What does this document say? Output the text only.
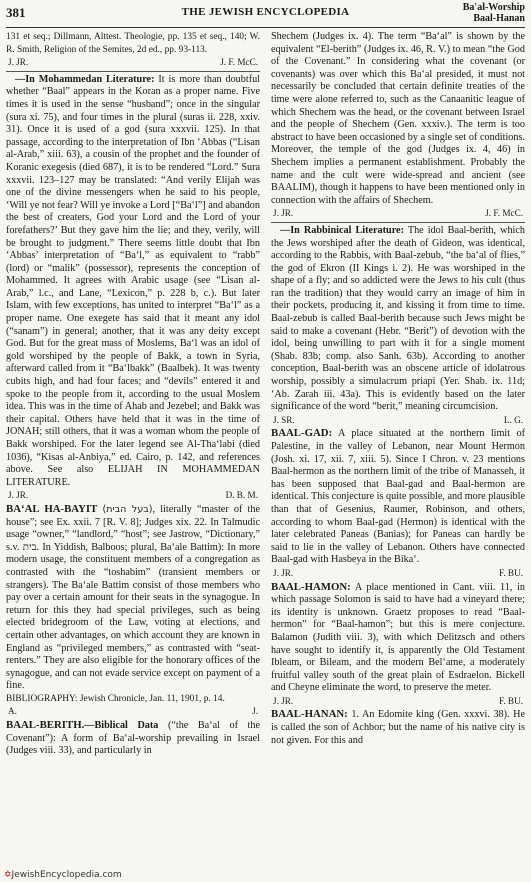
381	THE JEWISH ENCYCLOPEDIA	Ba'al-Worship
Baal-Hanan

131 et seq.; Dillmann, Alttest. Theologie, pp. 135 et seq., 140; W. R. Smith, Religion of the Semites, 2d ed., pp. 93-113.

J. JR.	J. F. McC.

—In Mohammedan Literature: It is more than doubtful whether “Baal” appears in the Koran as a proper name. Five times it is used in the sense “husband”; once in the singular (sura xi. 75), and four times in the plural (suras ii. 228, xxiv. 31). Once it is used of a god (sura xxxvii. 125). In that passage, according to the interpretation of Ibn ‘Abbas (“Lisan al-Arab,” xiii. 63), a cousin of the prophet and the founder of Koranic exegesis (died 687), it is to be rendered “Lord.” Sura xxxvii. 123–127 may be translated: “And verily Elijah was one of the divine messengers when he said to his people, ‘Will ye not fear? Will ye invoke a Lord [“Ba‘l”] and abandon the best of creaters, God your Lord and the Lord of your forefathers?’ But they gave him the lie; and they, verily, will be brought to judgment.” There seems little doubt that Ibn ‘Abbas’ interpretation of “Ba‘l,” as equivalent to “rabb” (lord) or “malik” (possessor), represents the conception of Mohammed. It agrees with Arabic usage (see “Lisan al-Arab,” l.c., and Lane, “Lexicon,” p. 228 b, c.). But later Islam, with few exceptions, has united to interpret “Ba‘l” as a proper name. One exegete has said that it meant any idol (“sanam”) in general; another, that it was any deity except God. But for the great mass of Moslems, Ba‘l was an idol of gold worshiped by the people of Bakk, a town in Syria, afterward called from it “Ba‘lbakk” (Baalbek). It was twenty cubits high, and had four faces; and “devils” entered it and spoke to the people from it, according to the usual Moslem idea. This was in the time of Ahab and Jezebel; and Bakk was their capital. Others have held that it was in the time of JONAH; still others, that it was a woman whom the people of Bakk worshiped. For the later legend see Al-Tha‘labi (died 1036), “Kisas al-Anbiya,” ed. Cairo, p. 142, and references above. See also ELIJAH IN MOHAMMEDAN LITERATURE.

J. JR.	D. B. M.

BA‘AL HA-BAYIT (בעל הבית), literally “master of the house”; see Ex. xxii. 7 [R. V. 8]; Judges xix. 22. In Talmudic usage “owner,” “landlord,” “host”; see Jastrow, “Dictionary,” s.v. בית. In Yiddish, Balboos; plural, Ba‘ale Battim): In more modern usage, the constituent members of a congregation as contrasted with the “toshabim” (transient members or strangers). The Ba‘ale Battim consist of those members who pay over a certain amount for their seats in the synagogue. In return for this they had special privileges, such as being elected bridegroom of the Law, voting at elections, and certain other advantages, on which account they are known in England as “privileged members,” as contrasted with “seat-renters.” They are also eligible for the honorary offices of the synagogue, and can not evade service except on payment of a fine.

BIBLIOGRAPHY: Jewish Chronicle, Jan. 11, 1901, p. 14.

A.	J.

BAAL-BERITH.—Biblical Data (“the Ba‘al of the Covenant”): A form of Ba‘al-worship prevailing in Israel (Judges viii. 33), and particularly in

Shechem (Judges ix. 4). The term “Ba‘al” is shown by the equivalent “El-berith” (Judges ix. 46, R. V.) to mean “the God of the Covenant.” In considering what the covenant (or covenants) was over which this Ba‘al presided, it must not necessarily be concluded that certain definite treaties of the time were alone referred to, such as the Canaanitic league of which Shechem was the head, or the covenant between Israel and the people of Shechem (Gen. xxxiv.). The term is too abstract to have been occasioned by a single set of conditions. Moreover, the temple of the god (Judges ix. 4, 46) in Shechem implies a permanent establishment. Probably the name and the cult were wide-spread and ancient (see BAALIM), though it happens to have been mentioned only in connection with the affairs of Shechem.

J. JR.	J. F. McC.

—In Rabbinical Literature: The idol Baal-berith, which the Jews worshiped after the death of Gideon, was identical, according to the Rabbis, with Baal-zebub, “the ba‘al of flies,” the god of Ekron (II Kings i. 2). He was worshiped in the shape of a fly; and so addicted were the Jews to his cult (thus ran the tradition) that they would carry an image of him in their pockets, producing it, and kissing it from time to time. Baal-zebub is called Baal-berith because such Jews might be said to make a covenant (Hebr. “Berit”) of devotion with the idol, being unwilling to part with it for a single moment (Shab. 83b; comp. also Sanh. 63b). According to another conception, Baal-berith was an obscene article of idolatrous worship, possibly a simulacrum priapi (Yer. Shab. ix. 11d; ‘Ab. Zarah iii. 43a). This is evidently based on the later significance of the word “berit,” meaning circumcision.

J. SR.	L. G.

BAAL-GAD: A place situated at the northern limit of Palestine, in the valley of Lebanon, near Mount Hermon (Josh. xi. 17, xii. 7, xiii. 5). Since I Chron. v. 23 mentions Baal-hermon as the northern limit of the tribe of Manasseh, it has been supposed that Baal-gad and Baal-hermon are identical. This conjecture is quite possible, and more plausible than that of Gesenius, Raumer, Robinson, and others, according to whom Baal-gad (Hermon) is identical with the later celebrated Paneas (Banias); for Paneas can hardly be said to lie in the valley of Lebanon. Others have connected Baal-gad with Hasbeya in the Bika‘.

J. JR.	F. BU.

BAAL-HAMON: A place mentioned in Cant. viii. 11, in which passage Solomon is said to have had a vineyard there; its identity is unknown. Graetz proposes to read “Baal-hermon” for “Baal-hamon”; but this is mere conjecture. Balamon (Judith viii. 3), with which Delitzsch and others have sought to identify it, is apparently the Old Testament Ibleam, or Bileam, and the modern Bel‘ame, a moderately fruitful valley south of the great plain of Esdraelon. Bickell and Cheyne eliminate the word, to preserve the meter.

J. JR.	F. BU.

BAAL-HANAN: 1. An Edomite king (Gen. xxxvi. 38). He is called the son of Achbor; but the name of his native city is not given. For this and

✡JewishEncyclopedia.com
